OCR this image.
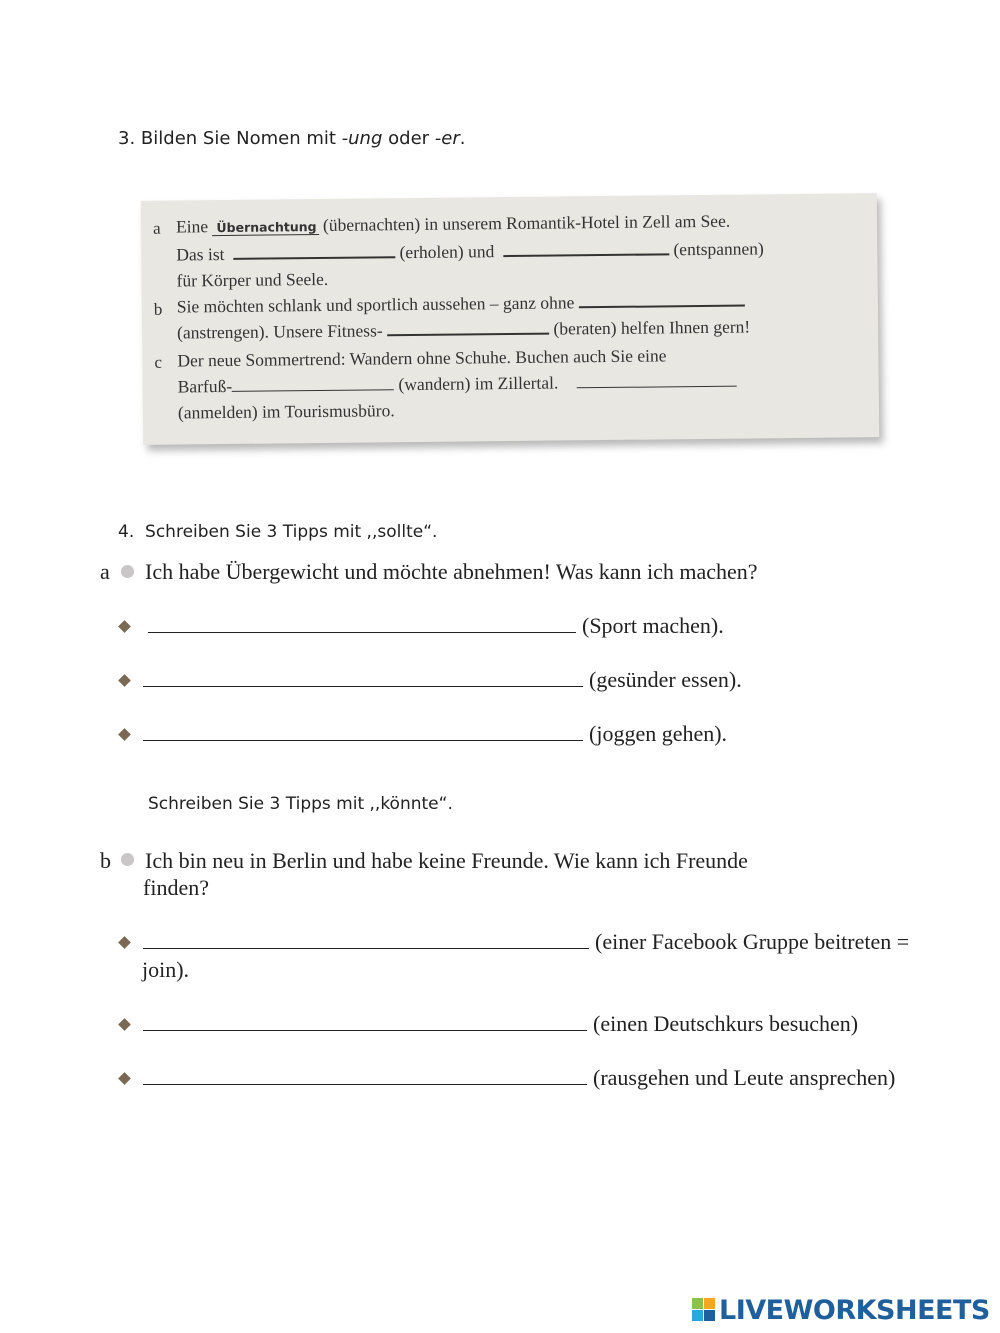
3. Bilden Sie Nomen mit -ung oder -er.
a Eine Übernachtung (übernachten) in unserem Romantik-Hotel in Zell am See.
Das ist	(erholen) und	(entspannen)
für Körper und Seele.
b Sie möchten schlank und sportlich aussehen – ganz ohne
(anstrengen). Unsere Fitness-	(beraten) helfen Ihnen gern!
c Der neue Sommertrend: Wandern ohne Schuhe. Buchen auch Sie eine
Barfuß-	(wandern) im Zillertal.
(anmelden) im Tourismusbüro.
4. Schreiben Sie 3 Tipps mit ,,sollte“.
a Ich habe Übergewicht und möchte abnehmen! Was kann ich machen?
(Sport machen).
(gesünder essen).
(joggen gehen).
Schreiben Sie 3 Tipps mit ,,könnte“.
b Ich bin neu in Berlin und habe keine Freunde. Wie kann ich Freunde
finden?
(einer Facebook Gruppe beitreten =
join).
(einen Deutschkurs besuchen)
(rausgehen und Leute ansprechen)
LIVEWORKSHEETS
